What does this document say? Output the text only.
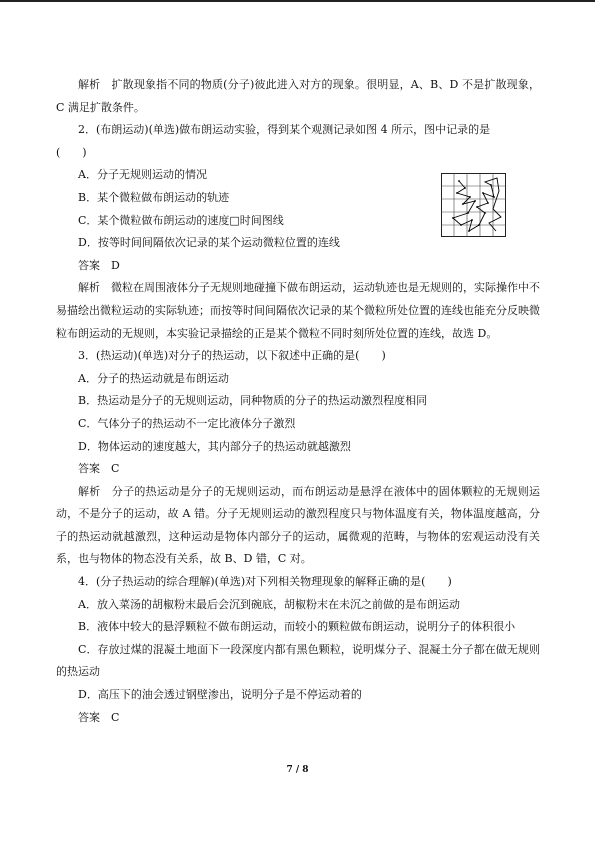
解析　扩散现象指不同的物质(分子)彼此进入对方的现象。很明显，A、B、D 不是扩散现象，C 满足扩散条件。

2．(布朗运动)(单选)做布朗运动实验，得到某个观测记录如图 4 所示，图中记录的是

(　　)

A．分子无规则运动的情况

B．某个微粒做布朗运动的轨迹

C．某个微粒做布朗运动的速度□时间图线

D．按等时间间隔依次记录的某个运动微粒位置的连线

答案　D

解析　微粒在周围液体分子无规则地碰撞下做布朗运动，运动轨迹也是无规则的，实际操作中不易描绘出微粒运动的实际轨迹；而按等时间间隔依次记录的某个微粒所处位置的连线也能充分反映微粒布朗运动的无规则，本实验记录描绘的正是某个微粒不同时刻所处位置的连线，故选 D。

3．(热运动)(单选)对分子的热运动，以下叙述中正确的是(　　)

A．分子的热运动就是布朗运动

B．热运动是分子的无规则运动，同种物质的分子的热运动激烈程度相同

C．气体分子的热运动不一定比液体分子激烈

D．物体运动的速度越大，其内部分子的热运动就越激烈

答案　C

解析　分子的热运动是分子的无规则运动，而布朗运动是悬浮在液体中的固体颗粒的无规则运动，不是分子的运动，故 A 错。分子无规则运动的激烈程度只与物体温度有关，物体温度越高，分子的热运动就越激烈，这种运动是物体内部分子的运动，属微观的范畴，与物体的宏观运动没有关系，也与物体的物态没有关系，故 B、D 错，C 对。

4．(分子热运动的综合理解)(单选)对下列相关物理现象的解释正确的是(　　)

A．放入菜汤的胡椒粉末最后会沉到碗底，胡椒粉末在未沉之前做的是布朗运动

B．液体中较大的悬浮颗粒不做布朗运动，而较小的颗粒做布朗运动，说明分子的体积很小

C．存放过煤的混凝土地面下一段深度内都有黑色颗粒，说明煤分子、混凝土分子都在做无规则的热运动

D．高压下的油会透过钢壁渗出，说明分子是不停运动着的

答案　C

7 / 8
